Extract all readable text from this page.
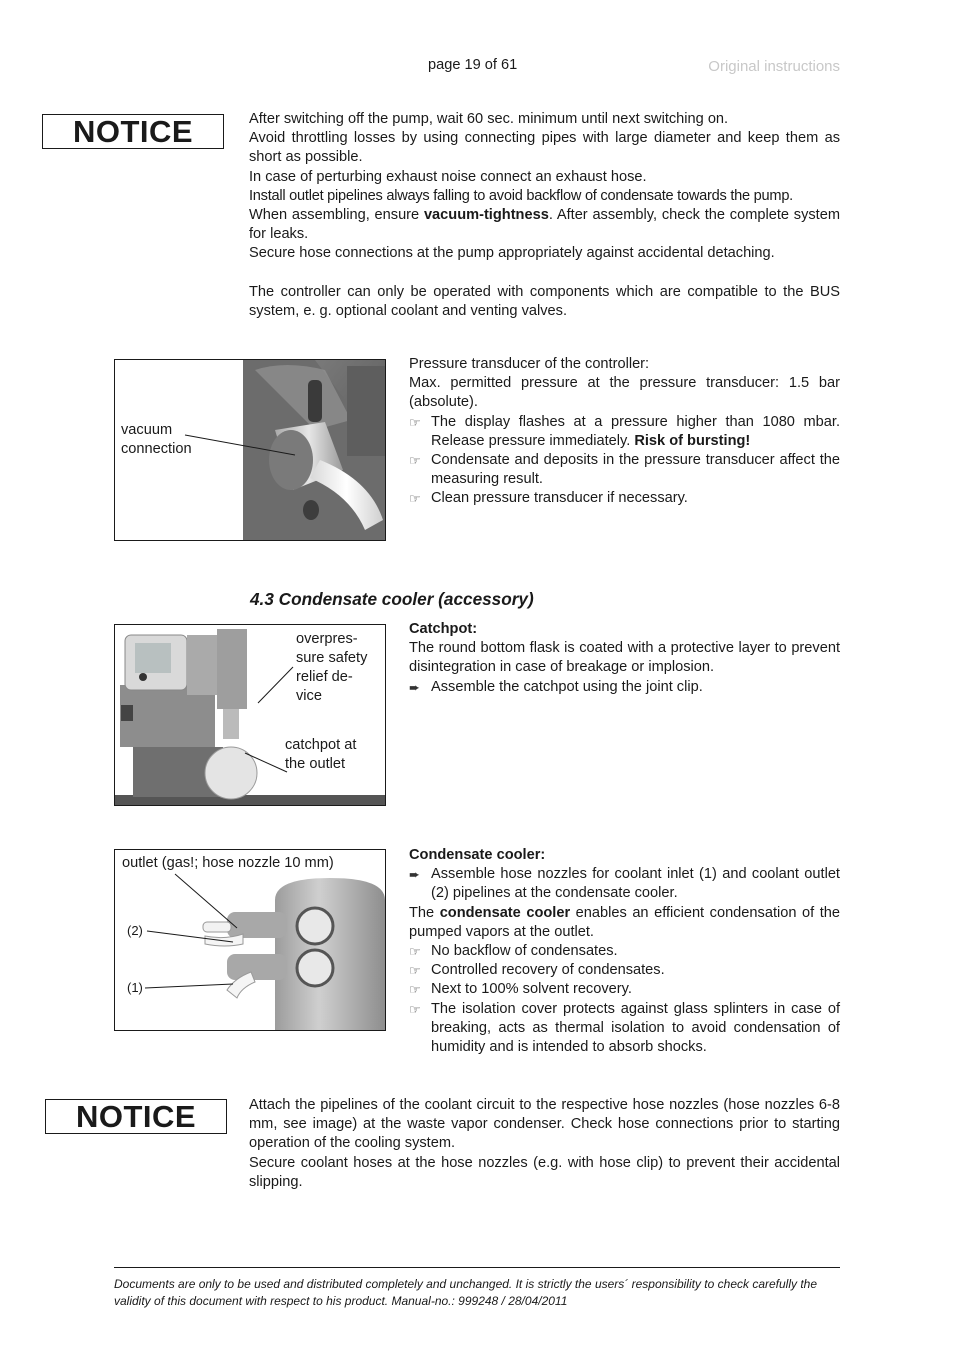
page 19 of 61	Original instructions
NOTICE	After switching off the pump, wait 60 sec. minimum until next switching on.

Avoid throttling losses by using connecting pipes with large diameter and keep them as short as possible.

In case of perturbing exhaust noise connect an exhaust hose.

Install outlet pipelines always falling to avoid backflow of condensate towards the pump.

When assembling, ensure vacuum-tightness. After assembly, check the complete system for leaks.

Secure hose connections at the pump appropriately against accidental detaching.

The controller can only be operated with components which are compatible to the BUS system, e. g. optional coolant and venting valves.

vacuum
connection

Pressure transducer of the controller:

Max. permitted pressure at the pressure transducer: 1.5 bar (absolute).

☞ The display flashes at a pressure higher than 1080 mbar. Release pressure immediately. Risk of bursting!
☞ Condensate and deposits in the pressure transducer affect the measuring result.
☞ Clean pressure transducer if necessary.
4.3 Condensate cooler (accessory)
overpres-
sure safety
relief de-
vice
catchpot at
the outlet

Catchpot:

The round bottom flask is coated with a protective layer to prevent disintegration in case of breakage or implosion.

➨ Assemble the catchpot using the joint clip.
outlet (gas!; hose nozzle 10 mm)
(2)
(1)

Condensate cooler:

➨ Assemble hose nozzles for coolant inlet (1) and coolant outlet (2) pipelines at the condensate cooler.

The condensate cooler enables an efficient condensation of the pumped vapors at the outlet.

☞ No backflow of condensates.
☞ Controlled recovery of condensates.
☞ Next to 100% solvent recovery.
☞ The isolation cover protects against glass splinters in case of breaking, acts as thermal isolation to avoid condensation of humidity and is intended to absorb shocks.
NOTICE	Attach the pipelines of the coolant circuit to the respective hose nozzles (hose nozzles 6-8 mm, see image) at the waste vapor condenser. Check hose connections prior to starting operation of the cooling system.

Secure coolant hoses at the hose nozzles (e.g. with hose clip) to prevent their accidental slipping.

Documents are only to be used and distributed completely and unchanged. It is strictly the users´ responsibility to check carefully the validity of this document with respect to his product. Manual-no.: 999248 / 28/04/2011
